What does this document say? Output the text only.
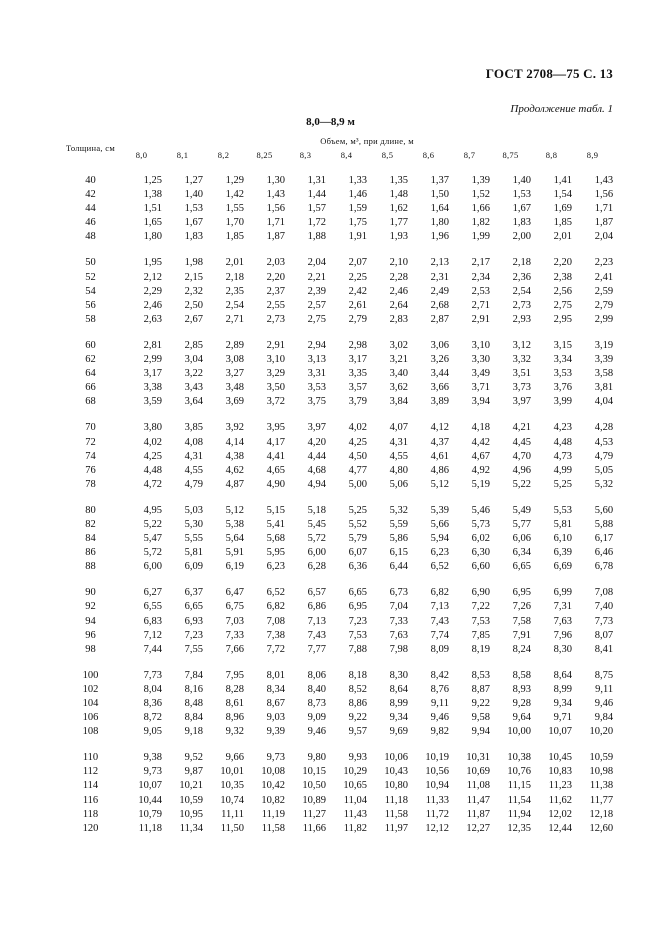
ГОСТ 2708—75 С. 13
Продолжение табл. 1
8,0—8,9 м
Толщина, см	Объем, м³, при длине, м											
	8,0	8,1	8,2	8,25	8,3	8,4	8,5	8,6	8,7	8,75	8,8	8,9

40	1,25	1,27	1,29	1,30	1,31	1,33	1,35	1,37	1,39	1,40	1,41	1,43
42	1,38	1,40	1,42	1,43	1,44	1,46	1,48	1,50	1,52	1,53	1,54	1,56
44	1,51	1,53	1,55	1,56	1,57	1,59	1,62	1,64	1,66	1,67	1,69	1,71
46	1,65	1,67	1,70	1,71	1,72	1,75	1,77	1,80	1,82	1,83	1,85	1,87
48	1,80	1,83	1,85	1,87	1,88	1,91	1,93	1,96	1,99	2,00	2,01	2,04

50	1,95	1,98	2,01	2,03	2,04	2,07	2,10	2,13	2,17	2,18	2,20	2,23
52	2,12	2,15	2,18	2,20	2,21	2,25	2,28	2,31	2,34	2,36	2,38	2,41
54	2,29	2,32	2,35	2,37	2,39	2,42	2,46	2,49	2,53	2,54	2,56	2,59
56	2,46	2,50	2,54	2,55	2,57	2,61	2,64	2,68	2,71	2,73	2,75	2,79
58	2,63	2,67	2,71	2,73	2,75	2,79	2,83	2,87	2,91	2,93	2,95	2,99

60	2,81	2,85	2,89	2,91	2,94	2,98	3,02	3,06	3,10	3,12	3,15	3,19
62	2,99	3,04	3,08	3,10	3,13	3,17	3,21	3,26	3,30	3,32	3,34	3,39
64	3,17	3,22	3,27	3,29	3,31	3,35	3,40	3,44	3,49	3,51	3,53	3,58
66	3,38	3,43	3,48	3,50	3,53	3,57	3,62	3,66	3,71	3,73	3,76	3,81
68	3,59	3,64	3,69	3,72	3,75	3,79	3,84	3,89	3,94	3,97	3,99	4,04

70	3,80	3,85	3,92	3,95	3,97	4,02	4,07	4,12	4,18	4,21	4,23	4,28
72	4,02	4,08	4,14	4,17	4,20	4,25	4,31	4,37	4,42	4,45	4,48	4,53
74	4,25	4,31	4,38	4,41	4,44	4,50	4,55	4,61	4,67	4,70	4,73	4,79
76	4,48	4,55	4,62	4,65	4,68	4,77	4,80	4,86	4,92	4,96	4,99	5,05
78	4,72	4,79	4,87	4,90	4,94	5,00	5,06	5,12	5,19	5,22	5,25	5,32

80	4,95	5,03	5,12	5,15	5,18	5,25	5,32	5,39	5,46	5,49	5,53	5,60
82	5,22	5,30	5,38	5,41	5,45	5,52	5,59	5,66	5,73	5,77	5,81	5,88
84	5,47	5,55	5,64	5,68	5,72	5,79	5,86	5,94	6,02	6,06	6,10	6,17
86	5,72	5,81	5,91	5,95	6,00	6,07	6,15	6,23	6,30	6,34	6,39	6,46
88	6,00	6,09	6,19	6,23	6,28	6,36	6,44	6,52	6,60	6,65	6,69	6,78

90	6,27	6,37	6,47	6,52	6,57	6,65	6,73	6,82	6,90	6,95	6,99	7,08
92	6,55	6,65	6,75	6,82	6,86	6,95	7,04	7,13	7,22	7,26	7,31	7,40
94	6,83	6,93	7,03	7,08	7,13	7,23	7,33	7,43	7,53	7,58	7,63	7,73
96	7,12	7,23	7,33	7,38	7,43	7,53	7,63	7,74	7,85	7,91	7,96	8,07
98	7,44	7,55	7,66	7,72	7,77	7,88	7,98	8,09	8,19	8,24	8,30	8,41

100	7,73	7,84	7,95	8,01	8,06	8,18	8,30	8,42	8,53	8,58	8,64	8,75
102	8,04	8,16	8,28	8,34	8,40	8,52	8,64	8,76	8,87	8,93	8,99	9,11
104	8,36	8,48	8,61	8,67	8,73	8,86	8,99	9,11	9,22	9,28	9,34	9,46
106	8,72	8,84	8,96	9,03	9,09	9,22	9,34	9,46	9,58	9,64	9,71	9,84
108	9,05	9,18	9,32	9,39	9,46	9,57	9,69	9,82	9,94	10,00	10,07	10,20

110	9,38	9,52	9,66	9,73	9,80	9,93	10,06	10,19	10,31	10,38	10,45	10,59
112	9,73	9,87	10,01	10,08	10,15	10,29	10,43	10,56	10,69	10,76	10,83	10,98
114	10,07	10,21	10,35	10,42	10,50	10,65	10,80	10,94	11,08	11,15	11,23	11,38
116	10,44	10,59	10,74	10,82	10,89	11,04	11,18	11,33	11,47	11,54	11,62	11,77
118	10,79	10,95	11,11	11,19	11,27	11,43	11,58	11,72	11,87	11,94	12,02	12,18
120	11,18	11,34	11,50	11,58	11,66	11,82	11,97	12,12	12,27	12,35	12,44	12,60
